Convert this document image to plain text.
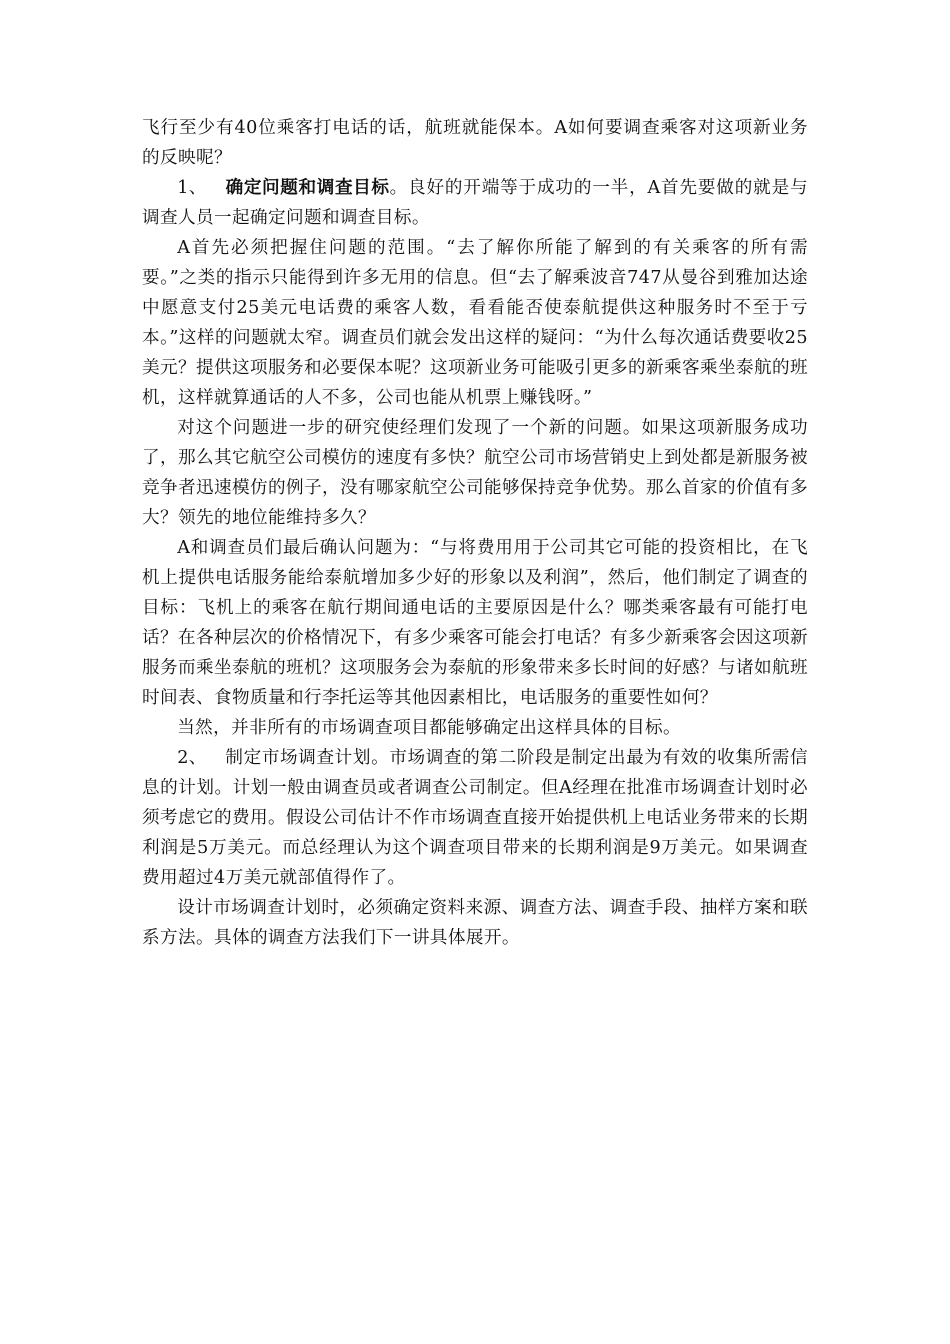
飞行至少有40位乘客打电话的话，航班就能保本。A如何要调查乘客对这项新业务的反映呢？

1、 确定问题和调查目标。良好的开端等于成功的一半，A首先要做的就是与调查人员一起确定问题和调查目标。

A首先必须把握住问题的范围。“去了解你所能了解到的有关乘客的所有需要。”之类的指示只能得到许多无用的信息。但“去了解乘波音747从曼谷到雅加达途中愿意支付25美元电话费的乘客人数，看看能否使泰航提供这种服务时不至于亏本。”这样的问题就太窄。调查员们就会发出这样的疑问：“为什么每次通话费要收25美元？提供这项服务和必要保本呢？这项新业务可能吸引更多的新乘客乘坐泰航的班机，这样就算通话的人不多，公司也能从机票上赚钱呀。”

对这个问题进一步的研究使经理们发现了一个新的问题。如果这项新服务成功了，那么其它航空公司模仿的速度有多快？航空公司市场营销史上到处都是新服务被竞争者迅速模仿的例子，没有哪家航空公司能够保持竞争优势。那么首家的价值有多大？领先的地位能维持多久？

A和调查员们最后确认问题为：“与将费用用于公司其它可能的投资相比，在飞机上提供电话服务能给泰航增加多少好的形象以及利润”，然后，他们制定了调查的目标：飞机上的乘客在航行期间通电话的主要原因是什么？哪类乘客最有可能打电话？在各种层次的价格情况下，有多少乘客可能会打电话？有多少新乘客会因这项新服务而乘坐泰航的班机？这项服务会为泰航的形象带来多长时间的好感？与诸如航班时间表、食物质量和行李托运等其他因素相比，电话服务的重要性如何？

当然，并非所有的市场调查项目都能够确定出这样具体的目标。

2、 制定市场调查计划。市场调查的第二阶段是制定出最为有效的收集所需信息的计划。计划一般由调查员或者调查公司制定。但A经理在批准市场调查计划时必须考虑它的费用。假设公司估计不作市场调查直接开始提供机上电话业务带来的长期利润是5万美元。而总经理认为这个调查项目带来的长期利润是9万美元。如果调查费用超过4万美元就部值得作了。

设计市场调查计划时，必须确定资料来源、调查方法、调查手段、抽样方案和联系方法。具体的调查方法我们下一讲具体展开。
